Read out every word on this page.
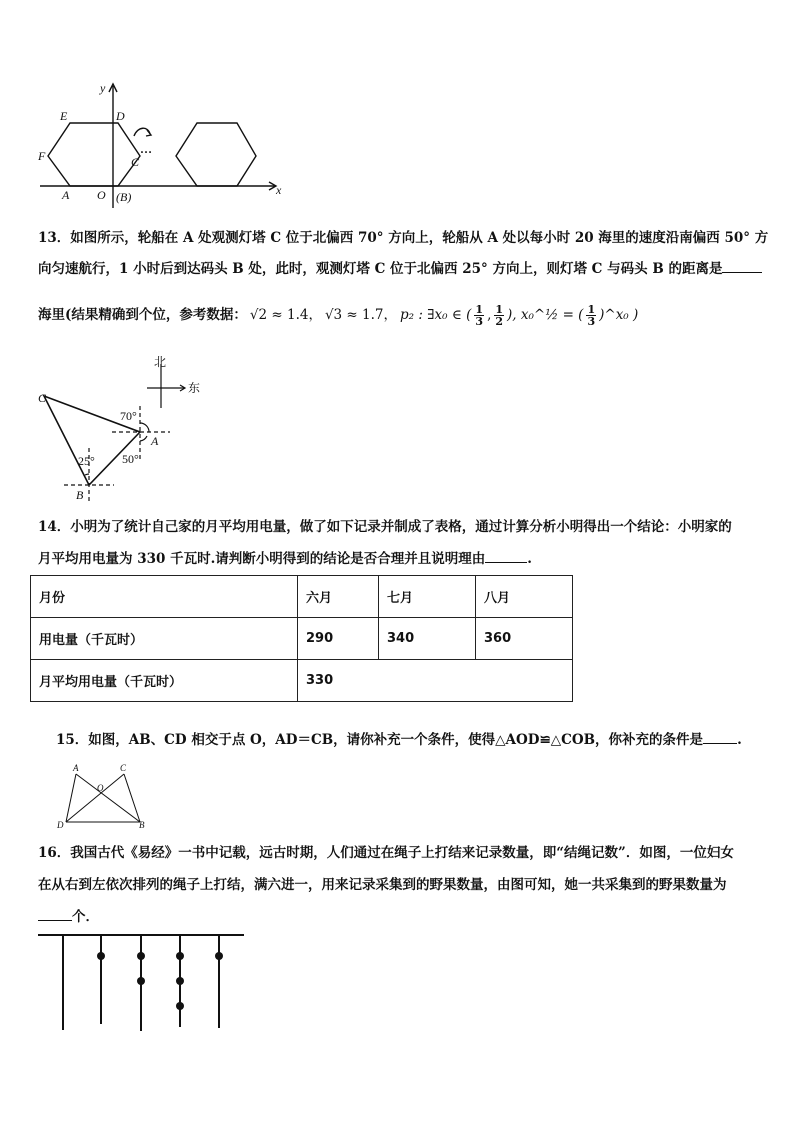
y
x
E	D
F	C
A O (B)
…
13．如图所示，轮船在 A 处观测灯塔 C 位于北偏西 70° 方向上，轮船从 A 处以每小时 20 海里的速度沿南偏西 50° 方
向匀速航行，1 小时后到达码头 B 处，此时，观测灯塔 C 位于北偏西 25° 方向上，则灯塔 C 与码头 B 的距离是
海里(结果精确到个位，参考数据： √2 ≈ 1.4， √3 ≈ 1.7， p₂ : ∃x₀ ∈ ( $\frac{1}{3}$ , $\frac{1}{2}$ ), x₀^½ = ( $\frac{1}{3}$ )^x₀ )
北
东
C
A
B
70°
50°
25°
14．小明为了统计自己家的月平均用电量，做了如下记录并制成了表格，通过计算分析小明得出一个结论：小明家的
月平均用电量为 330 千瓦时.请判断小明得到的结论是否合理并且说明理由	.
月份	六月	七月	八月
用电量（千瓦时）	290	340	360
月平均用电量（千瓦时）	330		
15．如图，AB、CD 相交于点 O，AD＝CB，请你补充一个条件，使得△AOD≌△COB，你补充的条件是	.
A	C
O
D	B
16．我国古代《易经》一书中记载，远古时期，人们通过在绳子上打结来记录数量，即“结绳记数”．如图，一位妇女
在从右到左依次排列的绳子上打结，满六进一，用来记录采集到的野果数量，由图可知，她一共采集到的野果数量为
个．
